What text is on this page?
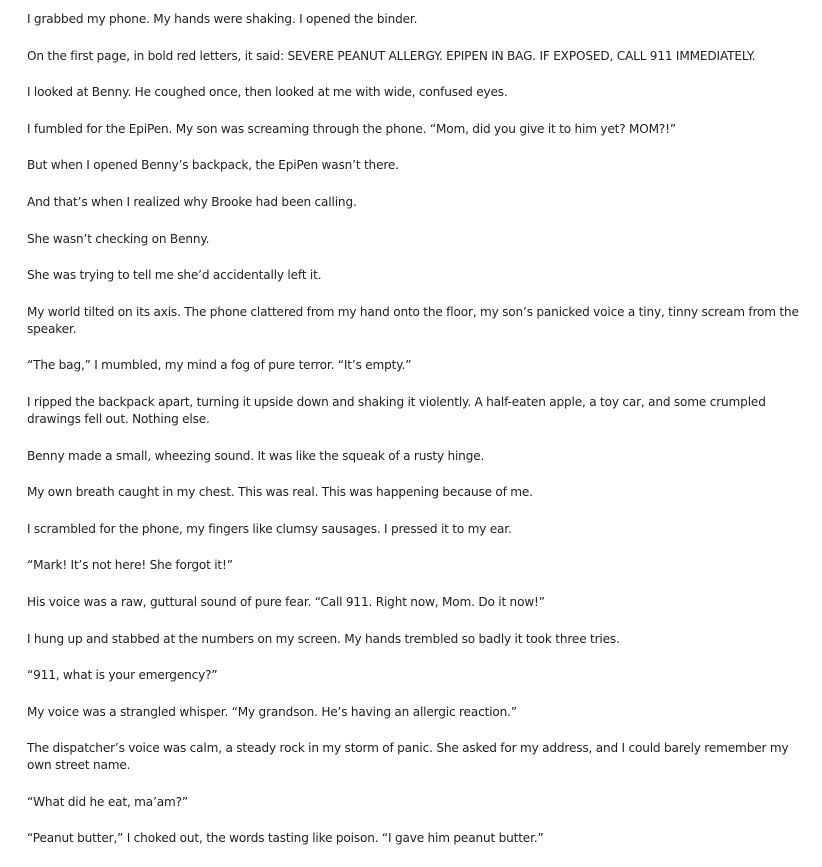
I grabbed my phone. My hands were shaking. I opened the binder.

On the first page, in bold red letters, it said: SEVERE PEANUT ALLERGY. EPIPEN IN BAG. IF EXPOSED, CALL 911 IMMEDIATELY.

I looked at Benny. He coughed once, then looked at me with wide, confused eyes.

I fumbled for the EpiPen. My son was screaming through the phone. “Mom, did you give it to him yet? MOM?!”

But when I opened Benny’s backpack, the EpiPen wasn’t there.

And that’s when I realized why Brooke had been calling.

She wasn’t checking on Benny.

She was trying to tell me she’d accidentally left it.

My world tilted on its axis. The phone clattered from my hand onto the floor, my son’s panicked voice a tiny, tinny scream from the speaker.

“The bag,” I mumbled, my mind a fog of pure terror. “It’s empty.”

I ripped the backpack apart, turning it upside down and shaking it violently. A half-eaten apple, a toy car, and some crumpled drawings fell out. Nothing else.

Benny made a small, wheezing sound. It was like the squeak of a rusty hinge.

My own breath caught in my chest. This was real. This was happening because of me.

I scrambled for the phone, my fingers like clumsy sausages. I pressed it to my ear.

“Mark! It’s not here! She forgot it!”

His voice was a raw, guttural sound of pure fear. “Call 911. Right now, Mom. Do it now!”

I hung up and stabbed at the numbers on my screen. My hands trembled so badly it took three tries.

“911, what is your emergency?”

My voice was a strangled whisper. “My grandson. He’s having an allergic reaction.”

The dispatcher’s voice was calm, a steady rock in my storm of panic. She asked for my address, and I could barely remember my own street name.

“What did he eat, ma’am?”

“Peanut butter,” I choked out, the words tasting like poison. “I gave him peanut butter.”
